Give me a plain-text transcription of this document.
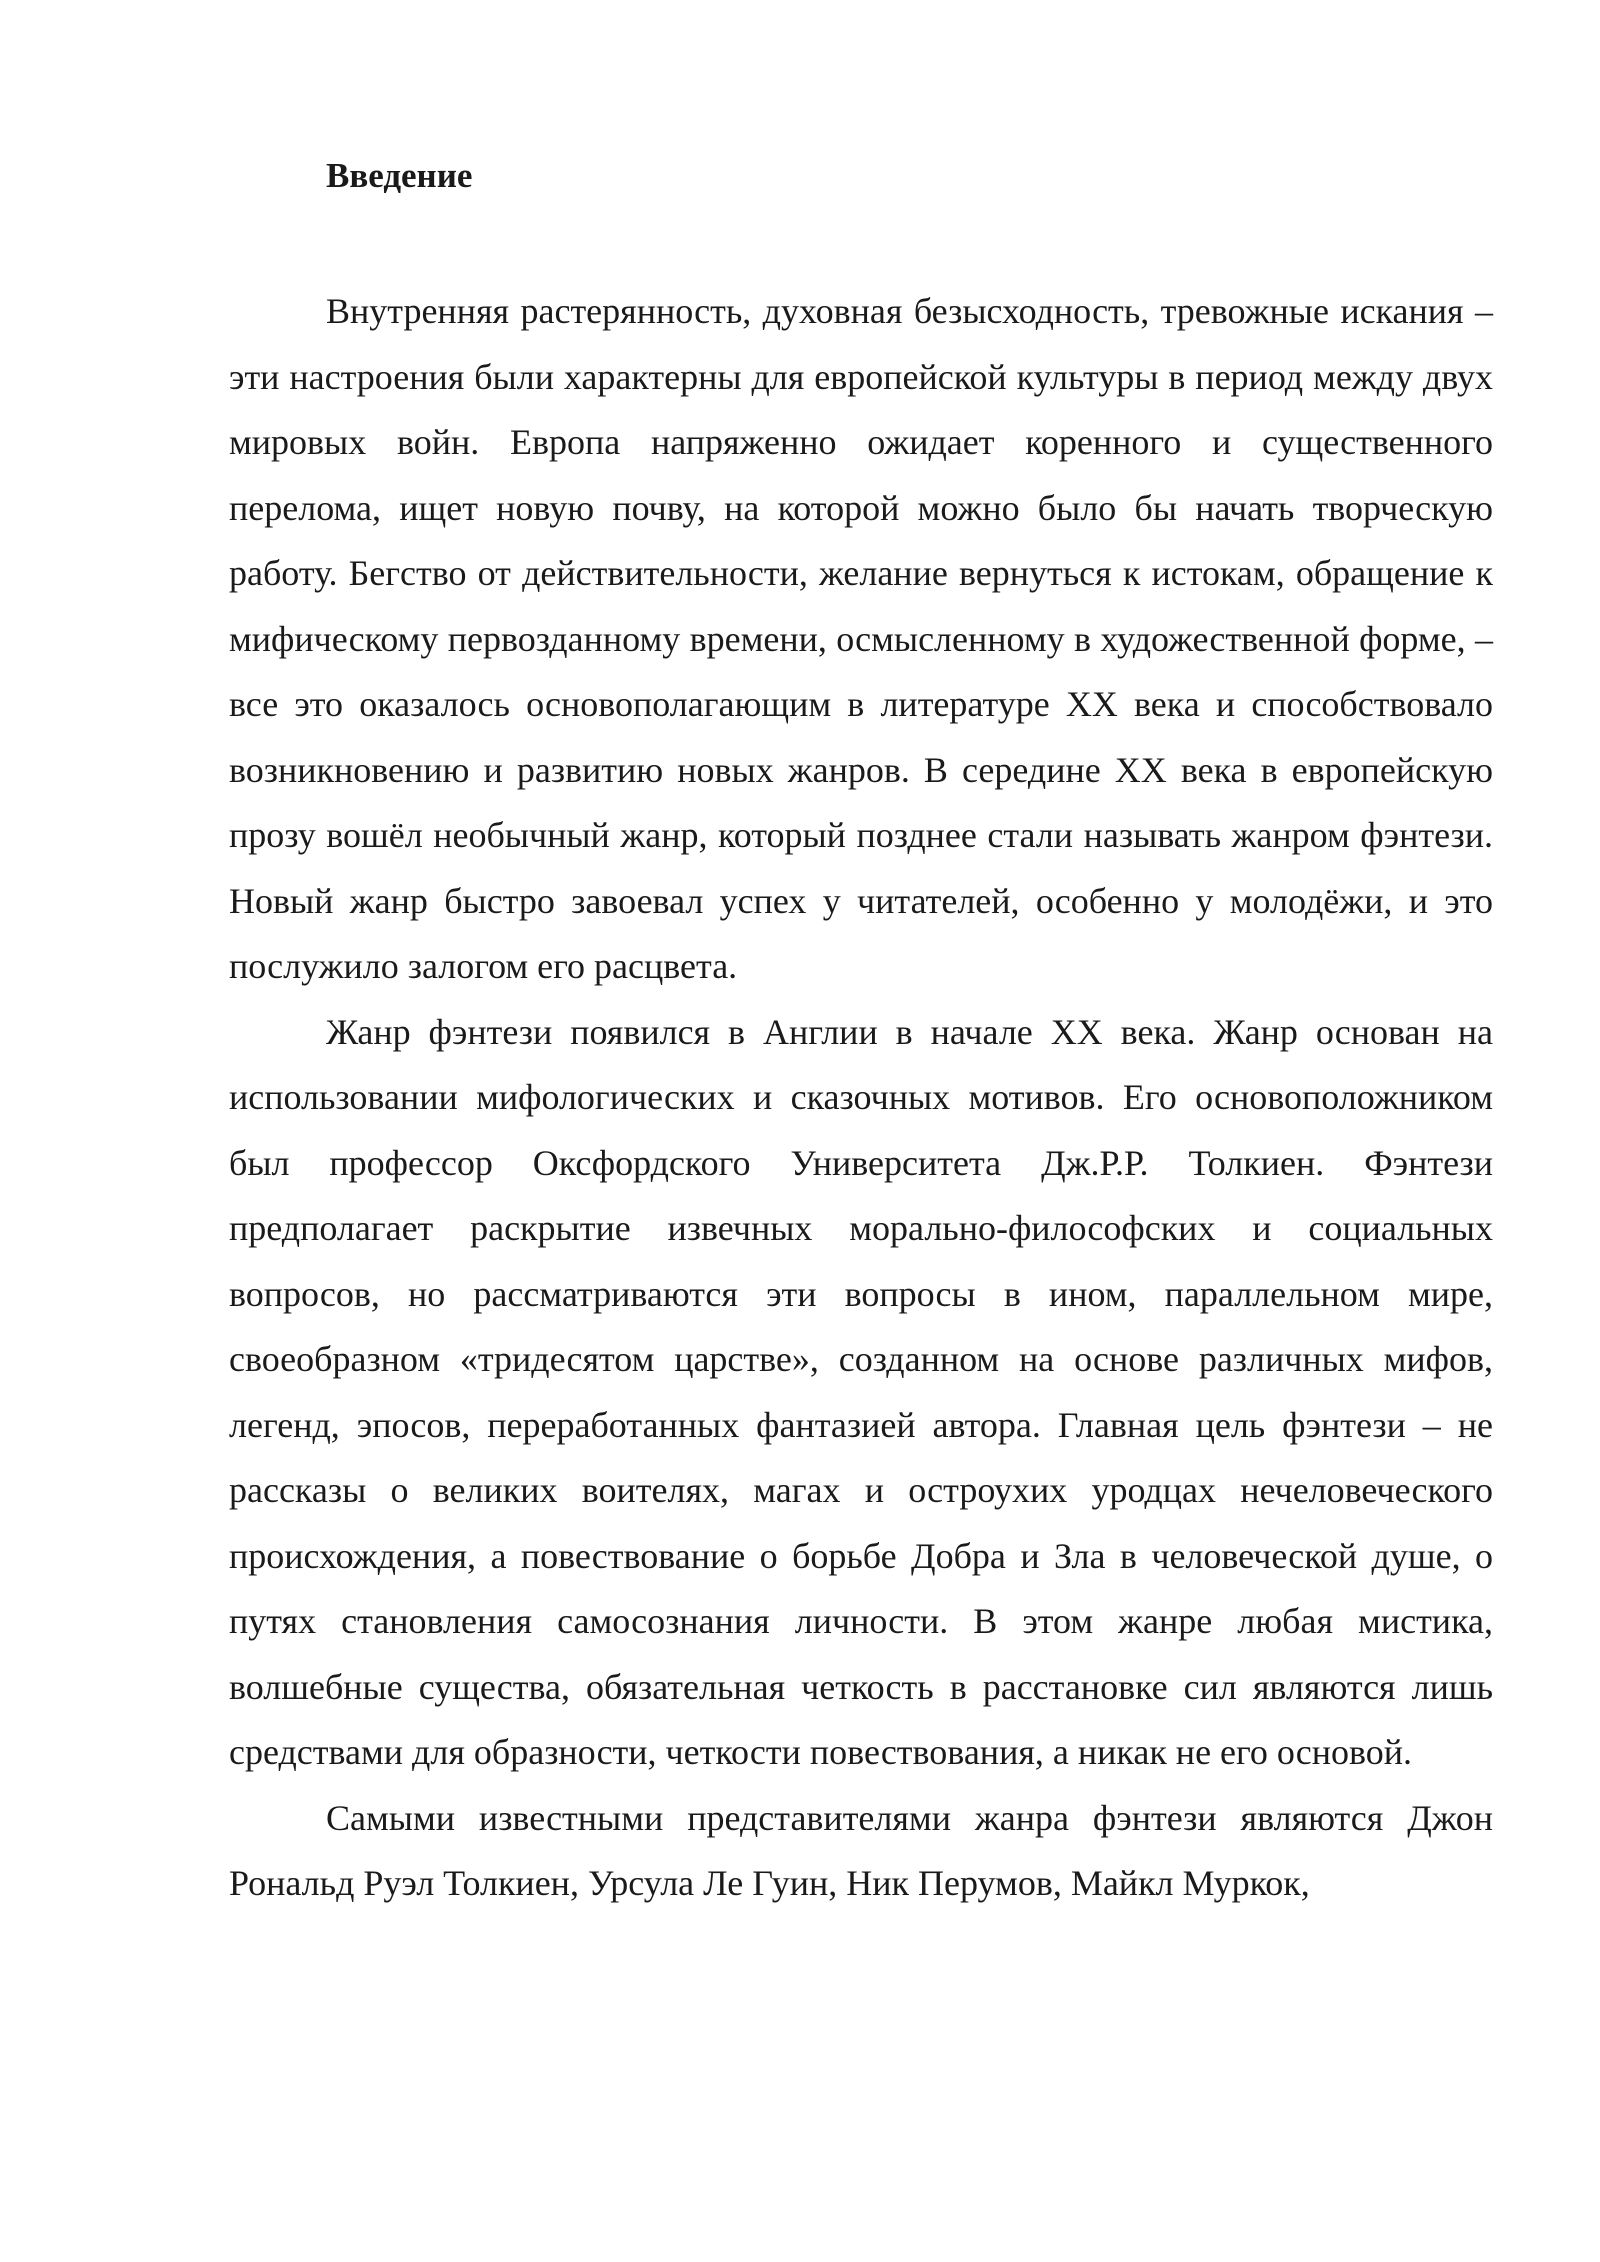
Введение

Внутренняя растерянность, духовная безысходность, тревожные искания – эти настроения были характерны для европейской культуры в период между двух мировых войн. Европа напряженно ожидает коренного и существенного перелома, ищет новую почву, на которой можно было бы начать творческую работу. Бегство от действительности, желание вернуться к истокам, обращение к мифическому первозданному времени, осмысленному в художественной форме, – все это оказалось основополагающим в литературе XX века и способствовало возникновению и развитию новых жанров. В середине XX века в европейскую прозу вошёл необычный жанр, который позднее стали называть жанром фэнтези. Новый жанр быстро завоевал успех у читателей, особенно у молодёжи, и это послужило залогом его расцвета.

Жанр фэнтези появился в Англии в начале XX века. Жанр основан на использовании мифологических и сказочных мотивов. Его основоположником был профессор Оксфордского Университета Дж.Р.Р. Толкиен. Фэнтези предполагает раскрытие извечных морально-философских и социальных вопросов, но рассматриваются эти вопросы в ином, параллельном мире, своеобразном «тридесятом царстве», созданном на основе различных мифов, легенд, эпосов, переработанных фантазией автора. Главная цель фэнтези – не рассказы о великих воителях, магах и остроухих уродцах нечеловеческого происхождения, а повествование о борьбе Добра и Зла в человеческой душе, о путях становления самосознания личности. В этом жанре любая мистика, волшебные существа, обязательная четкость в расстановке сил являются лишь средствами для образности, четкости повествования, а никак не его основой.

Самыми известными представителями жанра фэнтези являются Джон Рональд Руэл Толкиен, Урсула Ле Гуин, Ник Перумов, Майкл Муркок,
